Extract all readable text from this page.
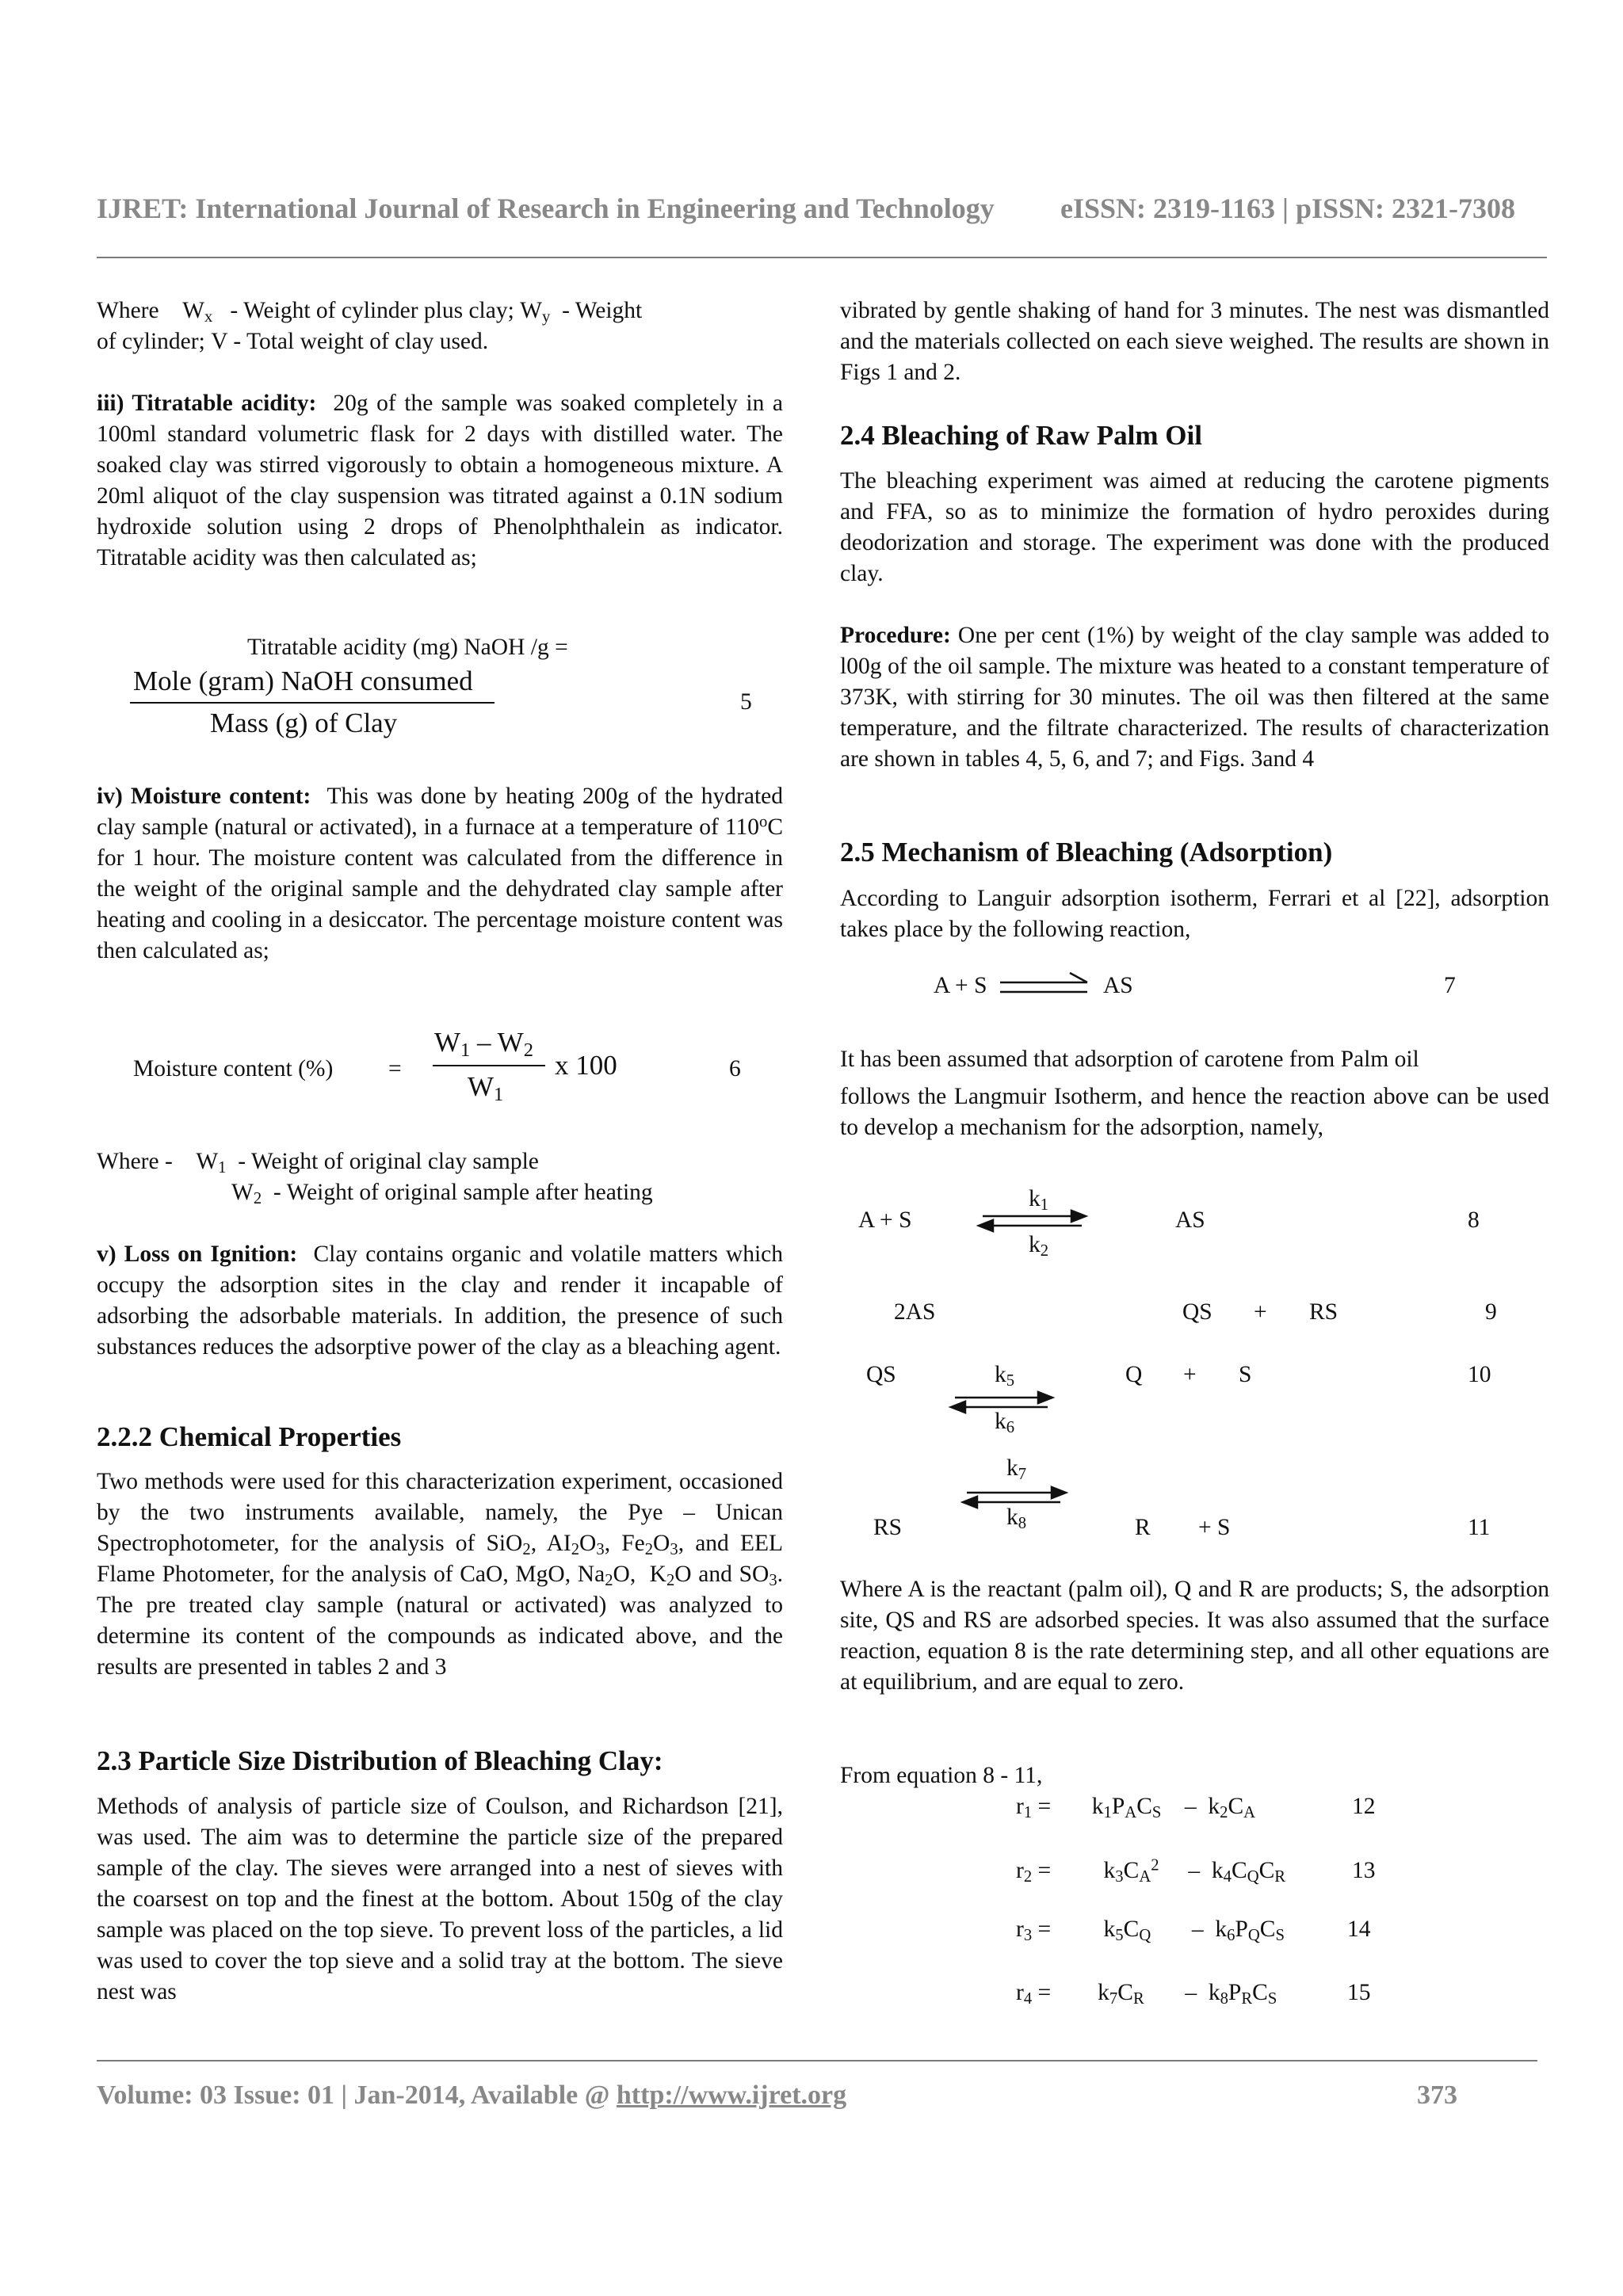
IJRET: International Journal of Research in Engineering and Technology eISSN: 2319-1163 | pISSN: 2321-7308
Where    $W_x$ - Weight of cylinder plus clay; $W_y$  - Weight
of cylinder; V - Total weight of clay used.

iii) Titratable acidity: 20g of the sample was soaked completely in a 100ml standard volumetric flask for 2 days with distilled water. The soaked clay was stirred vigorously to obtain a homogeneous mixture. A 20ml aliquot of the clay suspension was titrated against a 0.1N sodium hydroxide solution using 2 drops of Phenolphthalein as indicator. Titratable acidity was then calculated as;

Titratable acidity (mg) NaOH /g =
Mole (gram) NaOH consumed
Mass (g) of Clay
5

iv) Moisture content: This was done by heating 200g of the hydrated clay sample (natural or activated), in a furnace at a temperature of 110$^o$C for 1 hour. The moisture content was calculated from the difference in the weight of the original sample and the dehydrated clay sample after heating and cooling in a desiccator. The percentage moisture content was then calculated as;

Moisture content (%) =
$W_1 - W_2$
$W_1$
x 100	6
Where -    $W_1$ - Weight of original clay sample
$W_2$ - Weight of original sample after heating

v) Loss on Ignition: Clay contains organic and volatile matters which occupy the adsorption sites in the clay and render it incapable of adsorbing the adsorbable materials. In addition, the presence of such substances reduces the adsorptive power of the clay as a bleaching agent.

2.2.2 Chemical Properties

Two methods were used for this characterization experiment, occasioned by the two instruments available, namely, the Pye – Unican Spectrophotometer, for the analysis of SiO$_2$, $AI_2O_3$, $Fe_2O_3$, and EEL Flame Photometer, for the analysis of CaO, MgO, $Na_2O$,  $K_2O$ and $SO_3$. The pre treated clay sample (natural or activated) was analyzed to determine its content of the compounds as indicated above, and the results are presented in tables 2 and 3

2.3 Particle Size Distribution of Bleaching Clay:
Methods of analysis of particle size of Coulson, and Richardson [21], was used. The aim was to determine the particle size of the prepared sample of the clay. The sieves were arranged into a nest of sieves with the coarsest on top and the finest at the bottom. About 150g of the clay sample was placed on the top sieve. To prevent loss of the particles, a lid was used to cover the top sieve and a solid tray at the bottom. The sieve nest was
vibrated by gentle shaking of hand for 3 minutes. The nest was dismantled and the materials collected on each sieve weighed. The results are shown in Figs 1 and 2.
2.4 Bleaching of Raw Palm Oil
The bleaching experiment was aimed at reducing the carotene pigments and FFA, so as to minimize the formation of hydro peroxides during deodorization and storage. The experiment was done with the produced clay.

Procedure: One per cent (1%) by weight of the clay sample was added to l00g of the oil sample. The mixture was heated to a constant temperature of 373K, with stirring for 30 minutes. The oil was then filtered at the same temperature, and the filtrate characterized. The results of characterization are shown in tables 4, 5, 6, and 7; and Figs. 3and 4

2.5 Mechanism of Bleaching (Adsorption)
According to Languir adsorption isotherm, Ferrari et al [22], adsorption takes place by the following reaction,
A + S	AS	7
It has been assumed that adsorption of carotene from Palm oil
follows the Langmuir Isotherm, and hence the reaction above can be used to develop a mechanism for the adsorption, namely,
A + S
$k_1$
$k_2$
AS	8
2AS	QS + RS	9
QS	$k_5$
$k_6$
Q + S	10
$k_7$
$k_8$
RS	R + S	11
Where A is the reactant (palm oil), Q and R are products; S, the adsorption site, QS and RS are adsorbed species. It was also assumed that the surface reaction, equation 8 is the rate determining step, and all other equations are at equilibrium, and are equal to zero.
From equation 8 - 11,
$r_1$ =       $k_1P_AC_S$    –  $k_2C_A$	12
$r_2$ =         $k_3C_A^2$     –  $k_4C_QC_R$	13
$r_3$ =         $k_5C_Q$       –  $k_6P_QC_S$	14
$r_4$ =        $k_7C_R$       –  $k_8P_RC_S$	15
Volume: 03 Issue: 01 | Jan-2014, Available @ http://www.ijret.org	373
